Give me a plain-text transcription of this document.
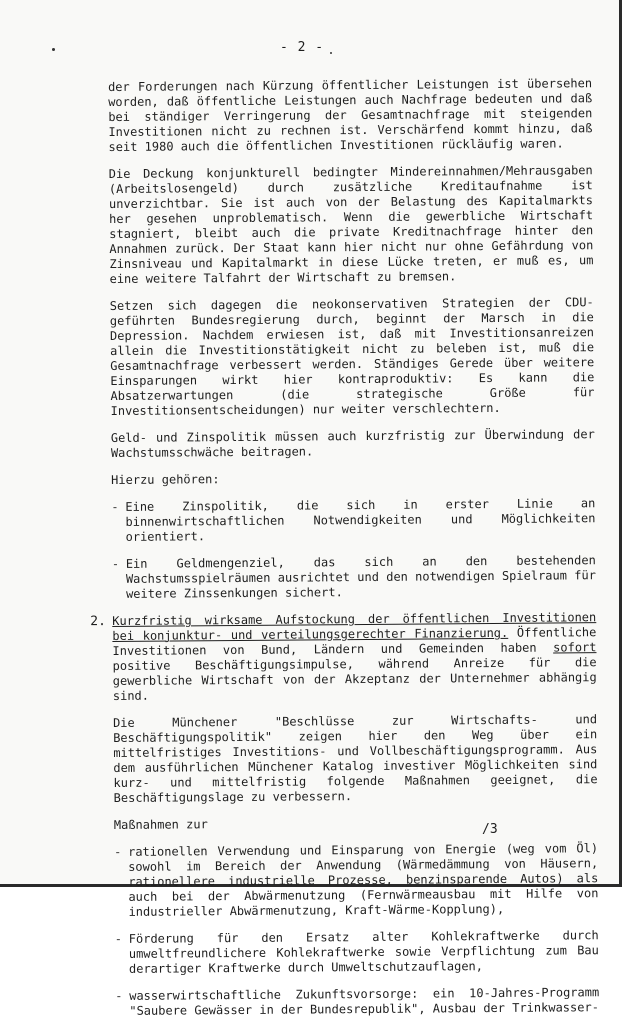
- 2 -

der Forderungen nach Kürzung öffentlicher Leistungen ist übersehen worden, daß öffentliche Leistungen auch Nachfrage bedeuten und daß bei ständiger Verringerung der Gesamtnachfrage mit steigenden Investitionen nicht zu rechnen ist. Verschärfend kommt hinzu, daß seit 1980 auch die öffentlichen Investitionen rückläufig waren.

Die Deckung konjunkturell bedingter Mindereinnahmen/Mehrausgaben (Arbeitslosengeld) durch zusätzliche Kreditaufnahme ist unverzichtbar. Sie ist auch von der Belastung des Kapitalmarkts her gesehen unproblematisch. Wenn die gewerbliche Wirtschaft stagniert, bleibt auch die private Kreditnachfrage hinter den Annahmen zurück. Der Staat kann hier nicht nur ohne Gefährdung von Zinsniveau und Kapitalmarkt in diese Lücke treten, er muß es, um eine weitere Talfahrt der Wirtschaft zu bremsen.

Setzen sich dagegen die neokonservativen Strategien der CDU-geführten Bundesregierung durch, beginnt der Marsch in die Depression. Nachdem erwiesen ist, daß mit Investitionsanreizen allein die Investitionstätigkeit nicht zu beleben ist, muß die Gesamtnachfrage verbessert werden. Ständiges Gerede über weitere Einsparungen wirkt hier kontraproduktiv: Es kann die Absatzerwartungen (die strategische Größe für Investitionsentscheidungen) nur weiter verschlechtern.

Geld- und Zinspolitik müssen auch kurzfristig zur Überwindung der Wachstumsschwäche beitragen.

Hierzu gehören:

- Eine Zinspolitik, die sich in erster Linie an binnenwirtschaftlichen Notwendigkeiten und Möglichkeiten orientiert.
- Ein Geldmengenziel, das sich an den bestehenden Wachstumsspielräumen ausrichtet und den notwendigen Spielraum für weitere Zinssenkungen sichert.
2. Kurzfristig wirksame Aufstockung der öffentlichen Investitionen bei konjunktur- und verteilungsgerechter Finanzierung. Öffentliche Investitionen von Bund, Ländern und Gemeinden haben sofort positive Beschäftigungsimpulse, während Anreize für die gewerbliche Wirtschaft von der Akzeptanz der Unternehmer abhängig sind.

Die Münchener "Beschlüsse zur Wirtschafts- und Beschäftigungspolitik" zeigen hier den Weg über ein mittelfristiges Investitions- und Vollbeschäftigungsprogramm. Aus dem ausführlichen Münchener Katalog investiver Möglichkeiten sind kurz- und mittelfristig folgende Maßnahmen geeignet, die Beschäftigungslage zu verbessern.

Maßnahmen zur

- rationellen Verwendung und Einsparung von Energie (weg vom Öl) sowohl im Bereich der Anwendung (Wärmedämmung von Häusern, rationellere industrielle Prozesse, benzinsparende Autos) als auch bei der Abwärmenutzung (Fernwärmeausbau mit Hilfe von industrieller Abwärmenutzung, Kraft-Wärme-Kopplung),
- Förderung für den Ersatz alter Kohlekraftwerke durch umweltfreundlichere Kohlekraftwerke sowie Verpflichtung zum Bau derartiger Kraftwerke durch Umweltschutzauflagen,
- wasserwirtschaftliche Zukunftsvorsorge: ein 10-Jahres-Programm "Saubere Gewässer in der Bundesrepublik", Ausbau der Trinkwasser-
/3
